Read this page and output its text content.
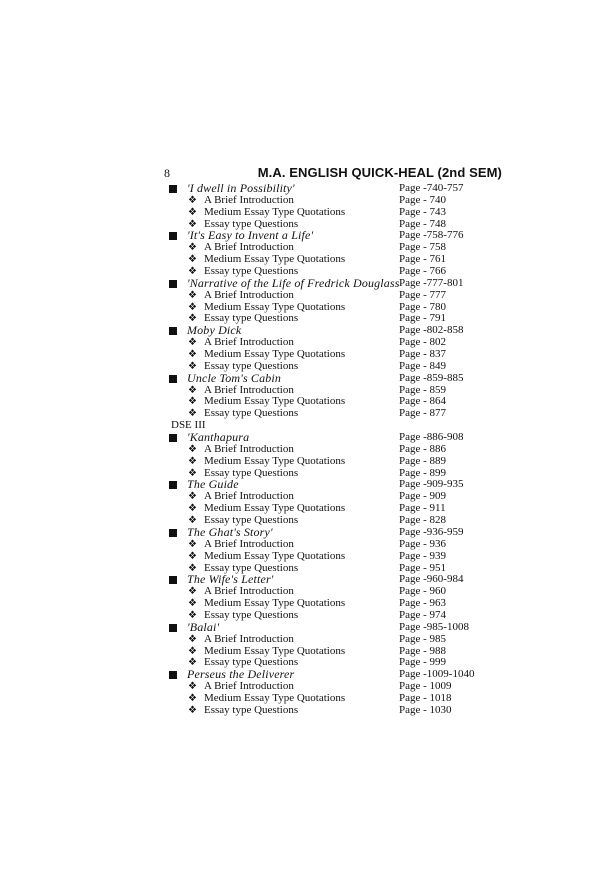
8	M.A. ENGLISH QUICK-HEAL (2nd SEM)
'I dwell in Possibility'	Page -740-757
❖ A Brief Introduction	Page - 740
❖ Medium Essay Type Quotations	Page - 743
❖ Essay type Questions	Page - 748
'It's Easy to Invent a Life'	Page -758-776
❖ A Brief Introduction	Page - 758
❖ Medium Essay Type Quotations	Page - 761
❖ Essay type Questions	Page - 766
'Narrative of the Life of Fredrick Douglass Page -777-801
❖ A Brief Introduction	Page - 777
❖ Medium Essay Type Quotations	Page - 780
❖ Essay type Questions	Page - 791
Moby Dick	Page -802-858
❖ A Brief Introduction	Page - 802
❖ Medium Essay Type Quotations	Page - 837
❖ Essay type Questions	Page - 849
Uncle Tom's Cabin	Page -859-885
❖ A Brief Introduction	Page - 859
❖ Medium Essay Type Quotations	Page - 864
❖ Essay type Questions	Page - 877
DSE III
'Kanthapura	Page -886-908
❖ A Brief Introduction	Page - 886
❖ Medium Essay Type Quotations	Page - 889
❖ Essay type Questions	Page - 899
The Guide	Page -909-935
❖ A Brief Introduction	Page - 909
❖ Medium Essay Type Quotations	Page - 911
❖ Essay type Questions	Page - 828
The Ghat's Story'	Page -936-959
❖ A Brief Introduction	Page - 936
❖ Medium Essay Type Quotations	Page - 939
❖ Essay type Questions	Page - 951
The Wife's Letter'	Page -960-984
❖ A Brief Introduction	Page - 960
❖ Medium Essay Type Quotations	Page - 963
❖ Essay type Questions	Page - 974
'Balai'	Page -985-1008
❖ A Brief Introduction	Page - 985
❖ Medium Essay Type Quotations	Page - 988
❖ Essay type Questions	Page - 999
Perseus the Deliverer	Page -1009-1040
❖ A Brief Introduction	Page - 1009
❖ Medium Essay Type Quotations	Page - 1018
❖ Essay type Questions	Page - 1030
